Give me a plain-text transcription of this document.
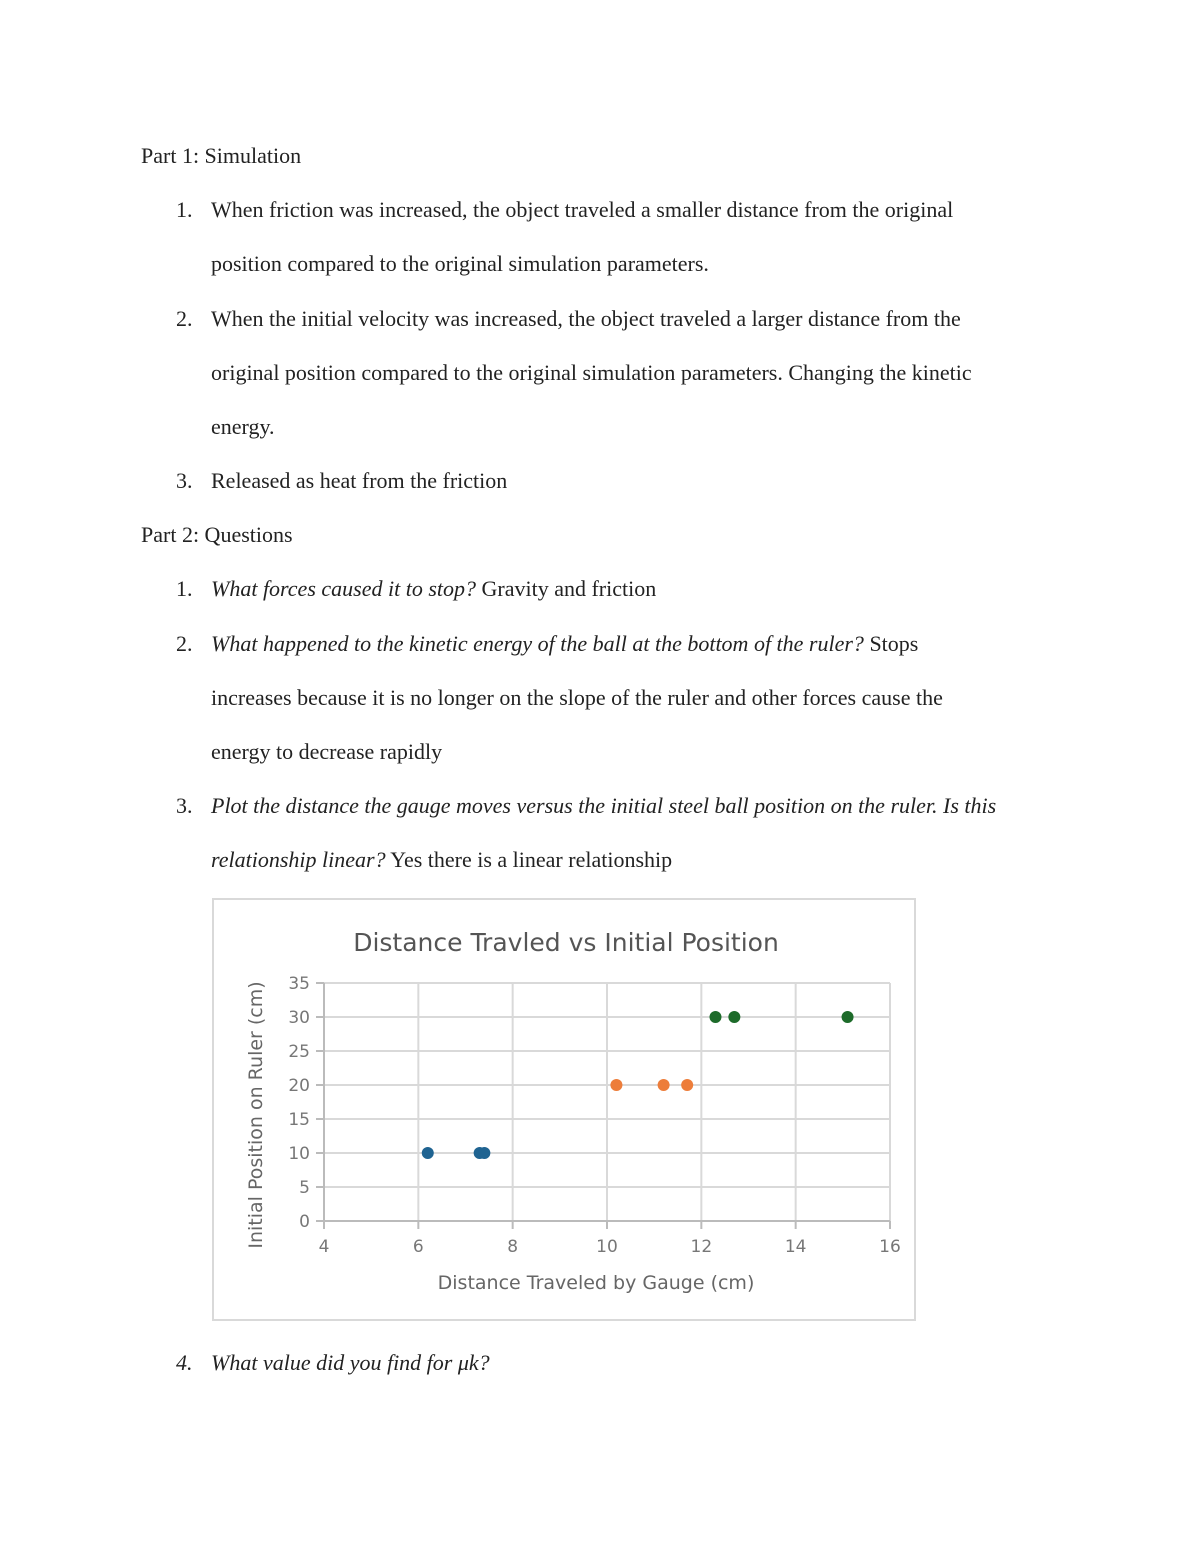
Part 1: Simulation
1. When friction was increased, the object traveled a smaller distance from the original
position compared to the original simulation parameters.
2. When the initial velocity was increased, the object traveled a larger distance from the
original position compared to the original simulation parameters. Changing the kinetic
energy.
3. Released as heat from the friction
Part 2: Questions
1. What forces caused it to stop? Gravity and friction
2. What happened to the kinetic energy of the ball at the bottom of the ruler? Stops
increases because it is no longer on the slope of the ruler and other forces cause the
energy to decrease rapidly
3. Plot the distance the gauge moves versus the initial steel ball position on the ruler. Is this
relationship linear? Yes there is a linear relationship
Distance Travled vs Initial Position
Distance Traveled by Gauge (cm)
Initial Position on Ruler (cm) 0
5
10
15
20
25
30
35
4	6	8	10	12	14	16
4. What value did you find for μk?
